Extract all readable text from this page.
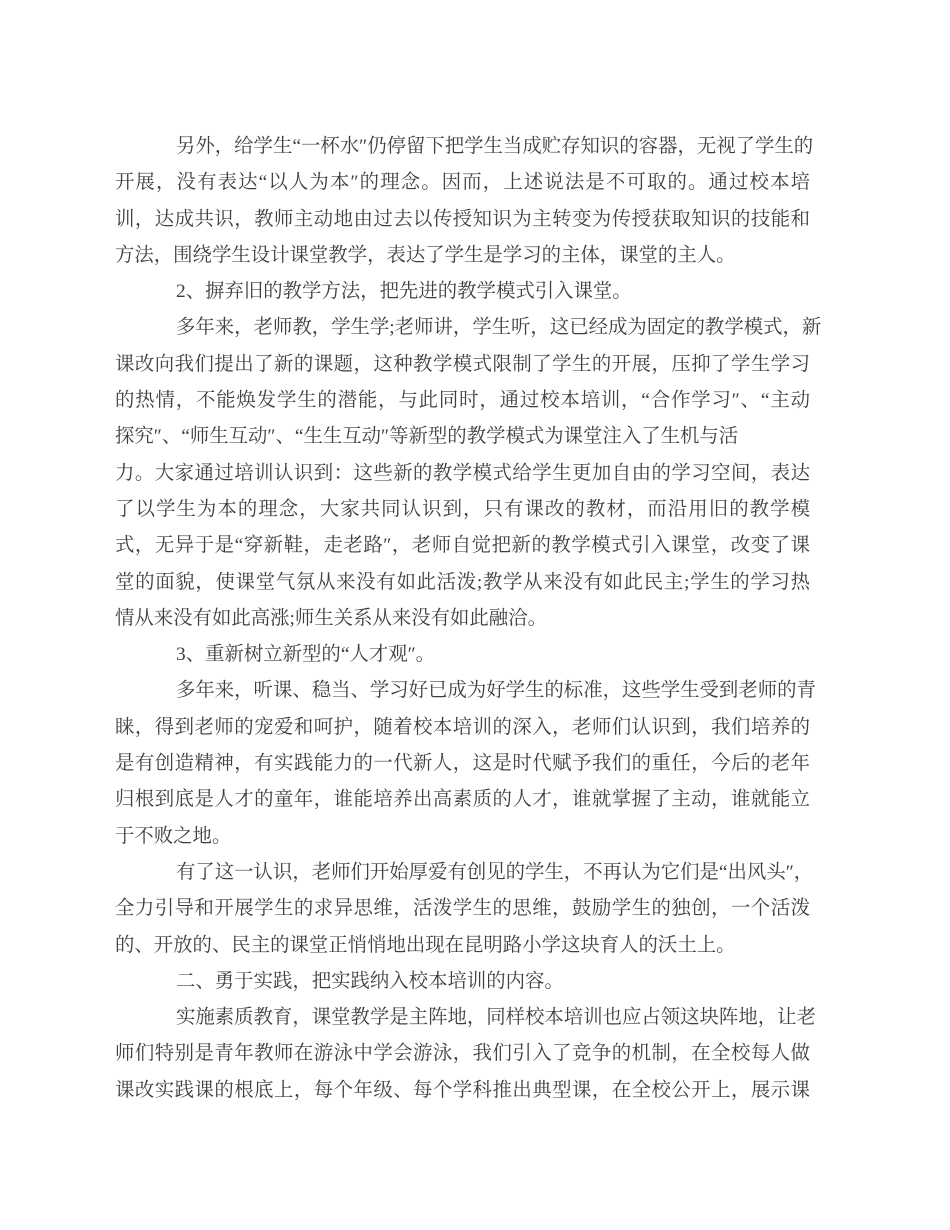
另外，给学生“一杯水″仍停留下把学生当成贮存知识的容器，无视了学生的
开展，没有表达“以人为本″的理念。因而，上述说法是不可取的。通过校本培
训，达成共识，教师主动地由过去以传授知识为主转变为传授获取知识的技能和
方法，围绕学生设计课堂教学，表达了学生是学习的主体，课堂的主人。
2、摒弃旧的教学方法，把先进的教学模式引入课堂。
多年来，老师教，学生学;老师讲，学生听，这已经成为固定的教学模式，新
课改向我们提出了新的课题，这种教学模式限制了学生的开展，压抑了学生学习
的热情，不能焕发学生的潜能，与此同时，通过校本培训，“合作学习″、“主动
探究″、“师生互动″、“生生互动″等新型的教学模式为课堂注入了生机与活
力。大家通过培训认识到：这些新的教学模式给学生更加自由的学习空间，表达
了以学生为本的理念，大家共同认识到，只有课改的教材，而沿用旧的教学模
式，无异于是“穿新鞋，走老路″，老师自觉把新的教学模式引入课堂，改变了课
堂的面貌，使课堂气氛从来没有如此活泼;教学从来没有如此民主;学生的学习热
情从来没有如此高涨;师生关系从来没有如此融洽。
3、重新树立新型的“人才观″。
多年来，听课、稳当、学习好已成为好学生的标准，这些学生受到老师的青
睐，得到老师的宠爱和呵护，随着校本培训的深入，老师们认识到，我们培养的
是有创造精神，有实践能力的一代新人，这是时代赋予我们的重任，今后的老年
归根到底是人才的童年，谁能培养出高素质的人才，谁就掌握了主动，谁就能立
于不败之地。
有了这一认识，老师们开始厚爱有创见的学生，不再认为它们是“出风头″，
全力引导和开展学生的求异思维，活泼学生的思维，鼓励学生的独创，一个活泼
的、开放的、民主的课堂正悄悄地出现在昆明路小学这块育人的沃土上。
二、勇于实践，把实践纳入校本培训的内容。
实施素质教育，课堂教学是主阵地，同样校本培训也应占领这块阵地，让老
师们特别是青年教师在游泳中学会游泳，我们引入了竞争的机制，在全校每人做
课改实践课的根底上，每个年级、每个学科推出典型课，在全校公开上，展示课
